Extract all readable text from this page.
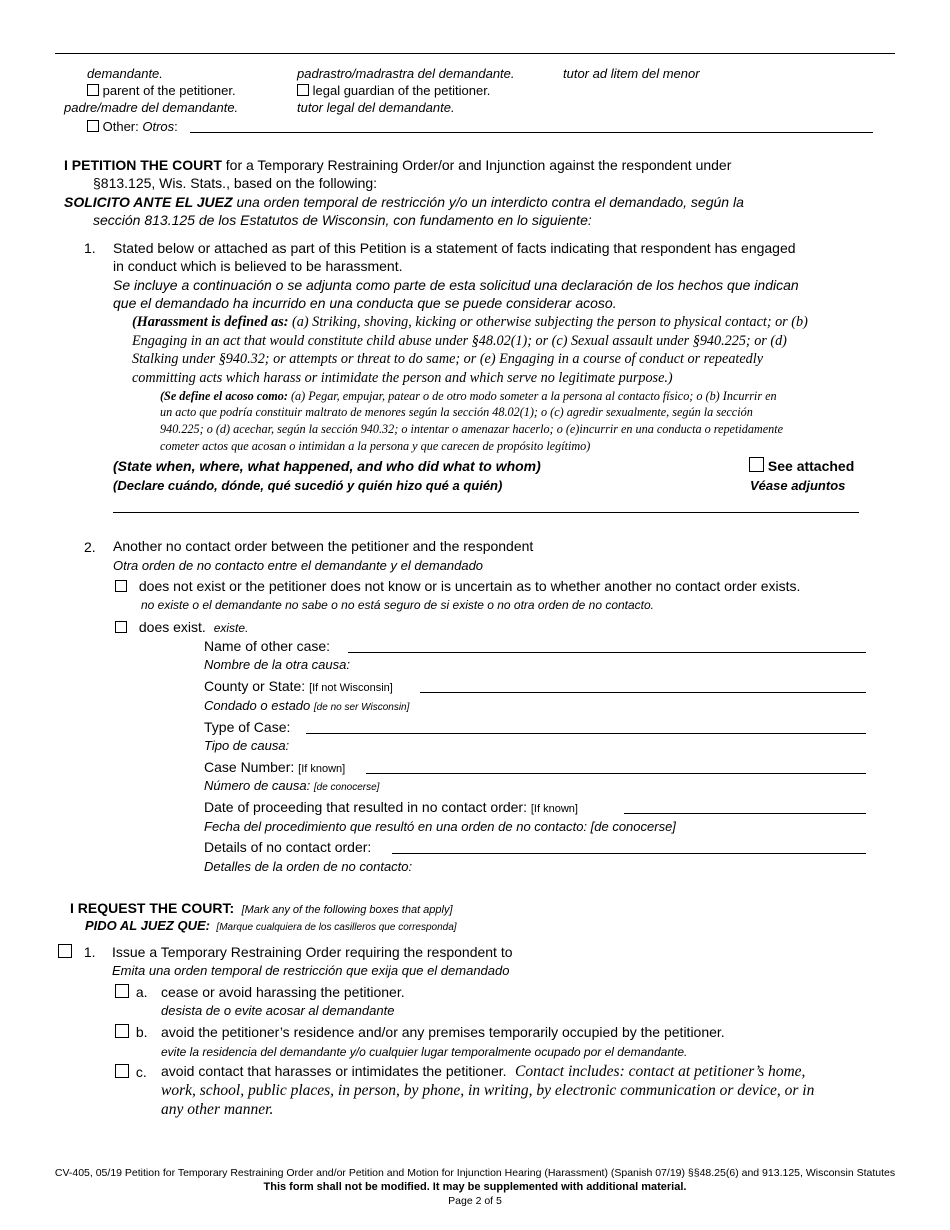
demandante.	padrastro/madrastra del demandante.	tutor ad litem del menor
parent of the petitioner.	legal guardian of the petitioner.
padre/madre del demandante.	tutor legal del demandante.
Other: Otros:
I PETITION THE COURT for a Temporary Restraining Order/or and Injunction against the respondent under
§813.125, Wis. Stats., based on the following:
SOLICITO ANTE EL JUEZ una orden temporal de restricción y/o un interdicto contra el demandado, según la
sección 813.125 de los Estatutos de Wisconsin, con fundamento en lo siguiente:
1. Stated below or attached as part of this Petition is a statement of facts indicating that respondent has engaged
in conduct which is believed to be harassment.
Se incluye a continuación o se adjunta como parte de esta solicitud una declaración de los hechos que indican
que el demandado ha incurrido en una conducta que se puede considerar acoso.
(Harassment is defined as: (a) Striking, shoving, kicking or otherwise subjecting the person to physical contact; or (b)
Engaging in an act that would constitute child abuse under §48.02(1); or (c) Sexual assault under §940.225; or (d)
Stalking under §940.32; or attempts or threat to do same; or (e) Engaging in a course of conduct or repeatedly
committing acts which harass or intimidate the person and which serve no legitimate purpose.)
(Se define el acoso como: (a) Pegar, empujar, patear o de otro modo someter a la persona al contacto físico; o (b) Incurrir en
un acto que podría constituir maltrato de menores según la sección 48.02(1); o (c) agredir sexualmente, según la sección
940.225; o (d) acechar, según la sección 940.32; o intentar o amenazar hacerlo; o (e)incurrir en una conducta o repetidamente
cometer actos que acosan o intimidan a la persona y que carecen de propósito legítimo)
(State when, where, what happened, and who did what to whom)
(Declare cuándo, dónde, qué sucedió y quién hizo qué a quién)
See attached
Véase adjuntos
2. Another no contact order between the petitioner and the respondent
Otra orden de no contacto entre el demandante y el demandado
does not exist or the petitioner does not know or is uncertain as to whether another no contact order exists.
no existe o el demandante no sabe o no está seguro de si existe o no otra orden de no contacto.
does exist. existe.
Name of other case:
Nombre de la otra causa:
County or State: [If not Wisconsin]
Condado o estado [de no ser Wisconsin]
Type of Case:
Tipo de causa:
Case Number: [If known]
Número de causa: [de conocerse]
Date of proceeding that resulted in no contact order: [If known]
Fecha del procedimiento que resultó en una orden de no contacto: [de conocerse]
Details of no contact order:
Detalles de la orden de no contacto:
I REQUEST THE COURT: [Mark any of the following boxes that apply]
PIDO AL JUEZ QUE: [Marque cualquiera de los casilleros que corresponda]
1. Issue a Temporary Restraining Order requiring the respondent to
Emita una orden temporal de restricción que exija que el demandado
a. cease or avoid harassing the petitioner.
desista de o evite acosar al demandante
b. avoid the petitioner’s residence and/or any premises temporarily occupied by the petitioner.
evite la residencia del demandante y/o cualquier lugar temporalmente ocupado por el demandante.
c. avoid contact that harasses or intimidates the petitioner. Contact includes: contact at petitioner’s home,
work, school, public places, in person, by phone, in writing, by electronic communication or device, or in
any other manner.
CV-405, 05/19 Petition for Temporary Restraining Order and/or Petition and Motion for Injunction Hearing (Harassment) (Spanish 07/19) §§48.25(6) and 913.125, Wisconsin Statutes
This form shall not be modified. It may be supplemented with additional material.
Page 2 of 5
